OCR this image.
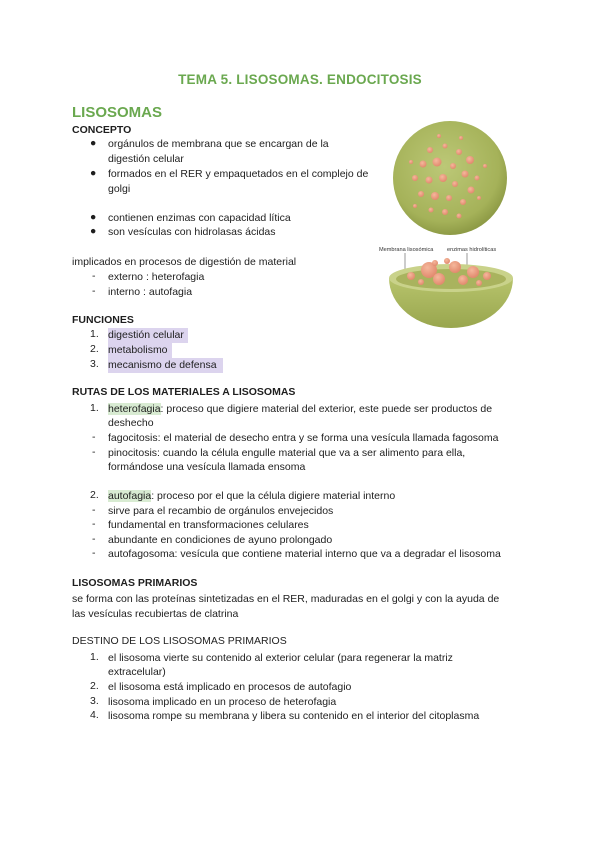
TEMA 5. LISOSOMAS. ENDOCITOSIS
LISOSOMAS
CONCEPTO
● orgánulos de membrana que se encargan de la
digestión celular
● formados en el RER y empaquetados en el complejo de
golgi
● contienen enzimas con capacidad lítica
● son vesículas con hidrolasas ácidas
implicados en procesos de digestión de material
- externo : heterofagia
- interno : autofagia
Membrana lisosómica enzimas hidrolíticas
FUNCIONES
1. digestión celular
2. metabolismo
3. mecanismo de defensa
RUTAS DE LOS MATERIALES A LISOSOMAS
1. heterofagia: proceso que digiere material del exterior, este puede ser productos de
deshecho
- fagocitosis: el material de desecho entra y se forma una vesícula llamada fagosoma
- pinocitosis: cuando la célula engulle material que va a ser alimento para ella,
formándose una vesícula llamada ensoma
2. autofagia: proceso por el que la célula digiere material interno
- sirve para el recambio de orgánulos envejecidos
- fundamental en transformaciones celulares
- abundante en condiciones de ayuno prolongado
- autofagosoma: vesícula que contiene material interno que va a degradar el lisosoma
LISOSOMAS PRIMARIOS
se forma con las proteínas sintetizadas en el RER, maduradas en el golgi y con la ayuda de
las vesículas recubiertas de clatrina
DESTINO DE LOS LISOSOMAS PRIMARIOS
1. el lisosoma vierte su contenido al exterior celular (para regenerar la matriz
extracelular)
2. el lisosoma está implicado en procesos de autofagio
3. lisosoma implicado en un proceso de heterofagia
4. lisosoma rompe su membrana y libera su contenido en el interior del citoplasma
